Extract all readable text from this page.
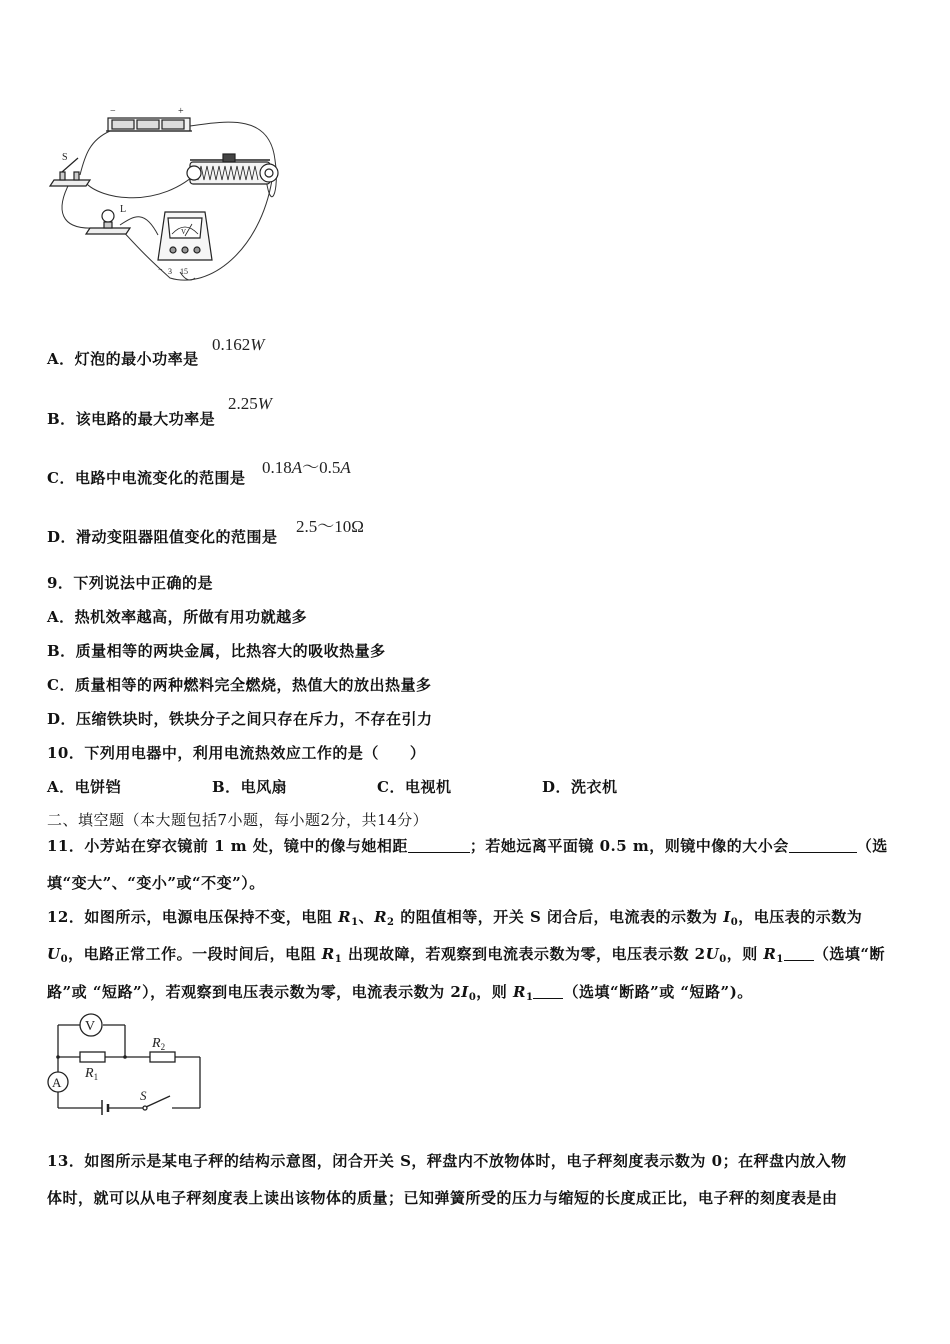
−	+
S
L
V
− 3 15
A．灯泡的最小功率是
0.162W
B．该电路的最大功率是
2.25W
C．电路中电流变化的范围是
0.18A～0.5A
D．滑动变阻器阻值变化的范围是
2.5～10Ω
9．下列说法中正确的是
A．热机效率越高，所做有用功就越多
B．质量相等的两块金属，比热容大的吸收热量多
C．质量相等的两种燃料完全燃烧，热值大的放出热量多
D．压缩铁块时，铁块分子之间只存在斥力，不存在引力
10．下列用电器中，利用电流热效应工作的是（　　）
A．电饼铛	B．电风扇	C．电视机	D．洗衣机
二、填空题（本大题包括7小题，每小题2分，共14分）
11．小芳站在穿衣镜前 1 m 处，镜中的像与她相距	；若她远离平面镜 0.5 m，则镜中像的大小会	（选
填“变大”、“变小”或“不变”）。
12．如图所示，电源电压保持不变，电阻 $R_1$、$R_2$ 的阻值相等，开关 S 闭合后，电流表的示数为 $I_0$，电压表的示数为
$U_0$，电路正常工作。一段时间后，电阻 $R_1$ 出现故障，若观察到电流表示数为零，电压表示数 $2U_0$，则 $R_1$ （选填“断
路”或 “短路”），若观察到电压表示数为零，电流表示数为 $2I_0$，则 $R_1$ （选填“断路”或 “短路”)。
V
A
$R_1$
$R_2$
S
13．如图所示是某电子秤的结构示意图，闭合开关 S，秤盘内不放物体时，电子秤刻度表示数为 0；在秤盘内放入物
体时，就可以从电子秤刻度表上读出该物体的质量；已知弹簧所受的压力与缩短的长度成正比，电子秤的刻度表是由
